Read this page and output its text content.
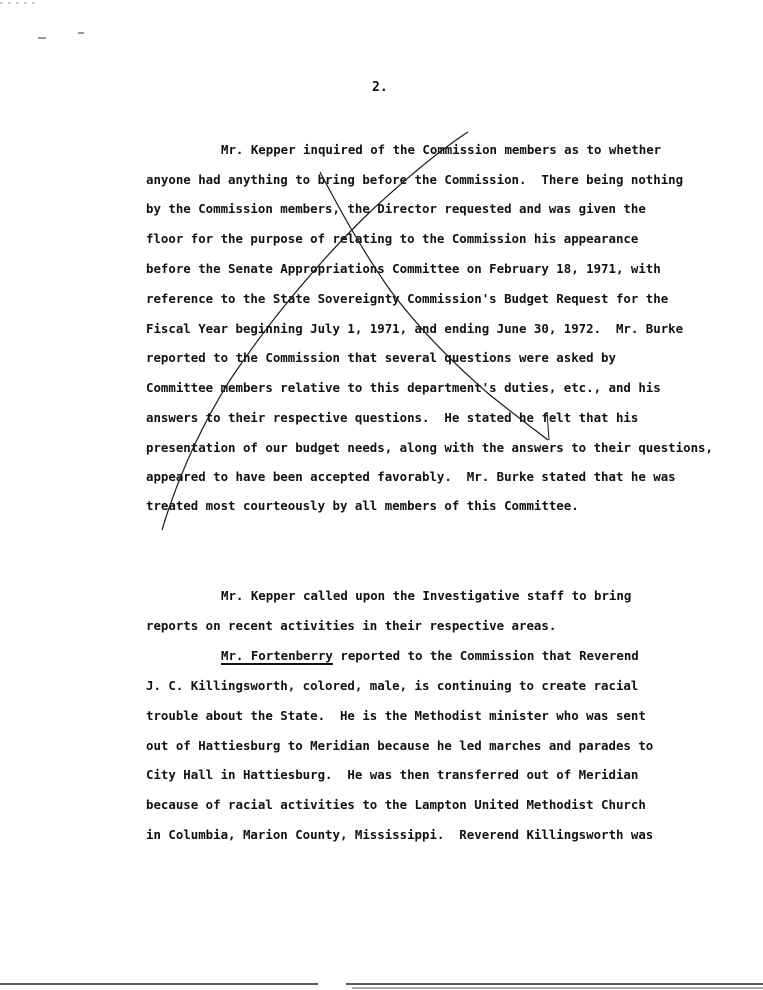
2.
Mr. Kepper inquired of the Commission members as to whether
anyone had anything to bring before the Commission.  There being nothing
by the Commission members, the Director requested and was given the
floor for the purpose of relating to the Commission his appearance
before the Senate Appropriations Committee on February 18, 1971, with
reference to the State Sovereignty Commission's Budget Request for the
Fiscal Year beginning July 1, 1971, and ending June 30, 1972.  Mr. Burke
reported to the Commission that several questions were asked by
Committee members relative to this department's duties, etc., and his
answers to their respective questions.  He stated he felt that his
presentation of our budget needs, along with the answers to their questions,
appeared to have been accepted favorably.  Mr. Burke stated that he was
treated most courteously by all members of this Committee.
Mr. Kepper called upon the Investigative staff to bring
reports on recent activities in their respective areas.
Mr. Fortenberry reported to the Commission that Reverend
J. C. Killingsworth, colored, male, is continuing to create racial
trouble about the State.  He is the Methodist minister who was sent
out of Hattiesburg to Meridian because he led marches and parades to
City Hall in Hattiesburg.  He was then transferred out of Meridian
because of racial activities to the Lampton United Methodist Church
in Columbia, Marion County, Mississippi.  Reverend Killingsworth was
